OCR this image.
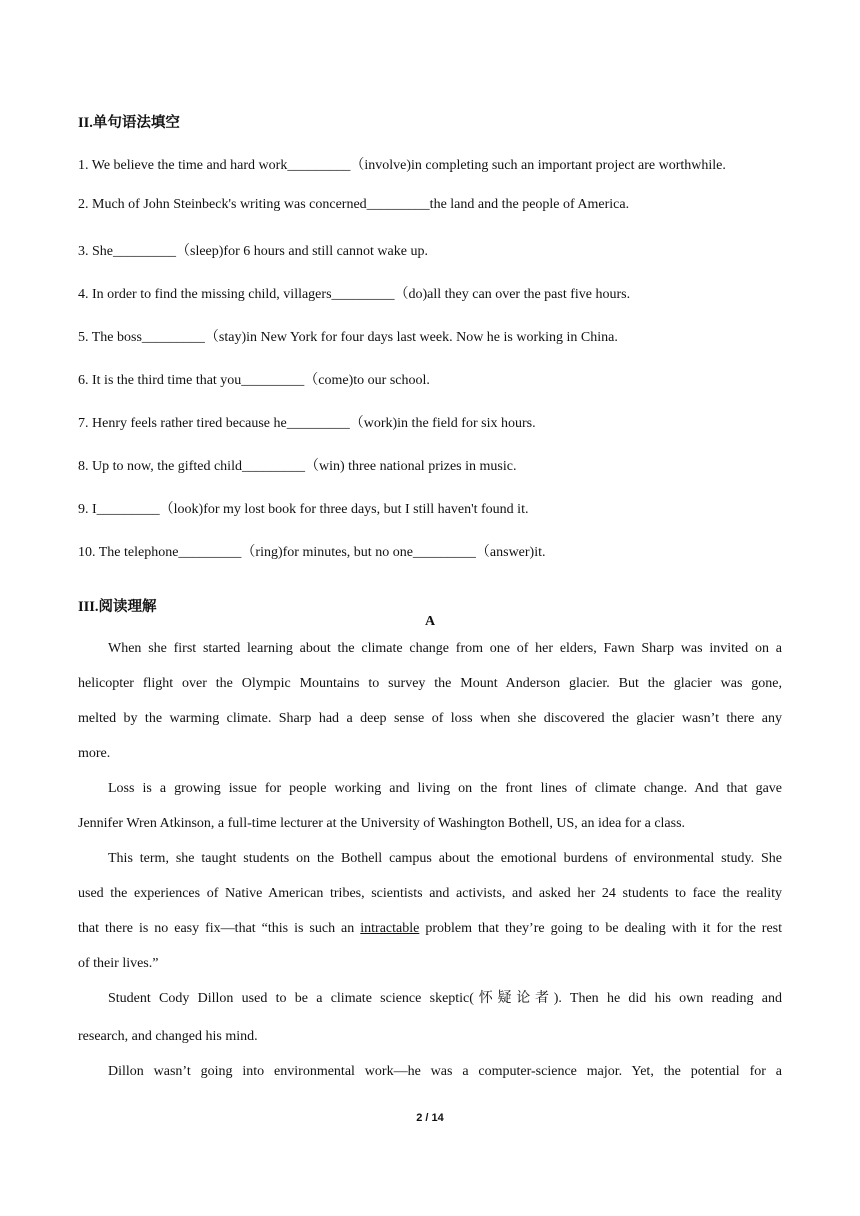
II.单句语法填空
1. We believe the time and hard work_________（involve)in completing such an important project are worthwhile.
2. Much of John Steinbeck's writing was concerned_________the land and the people of America.
3. She_________（sleep)for 6 hours and still cannot wake up.
4. In order to find the missing child, villagers_________（do)all they can over the past five hours.
5. The boss_________（stay)in New York for four days last week. Now he is working in China.
6. It is the third time that you_________（come)to our school.
7. Henry feels rather tired because he_________（work)in the field for six hours.
8. Up to now, the gifted child_________（win) three national prizes in music.
9. I_________（look)for my lost book for three days, but I still haven't found it.
10. The telephone_________（ring)for minutes, but no one_________（answer)it.
III.阅读理解
A
When she first started learning about the climate change from one of her elders, Fawn Sharp was invited on a
helicopter flight over the Olympic Mountains to survey the Mount Anderson glacier. But the glacier was gone,
melted by the warming climate. Sharp had a deep sense of loss when she discovered the glacier wasn’t there any
more.
Loss is a growing issue for people working and living on the front lines of climate change. And that gave
Jennifer Wren Atkinson, a full-time lecturer at the University of Washington Bothell, US, an idea for a class.
This term, she taught students on the Bothell campus about the emotional burdens of environmental study. She
used the experiences of Native American tribes, scientists and activists, and asked her 24 students to face the reality
that there is no easy fix—that “this is such an intractable problem that they’re going to be dealing with it for the rest
of their lives.”
Student Cody Dillon used to be a climate science skeptic(怀疑论者). Then he did his own reading and
research, and changed his mind.
Dillon wasn’t going into environmental work—he was a computer-science major. Yet, the potential for a
2 / 14
